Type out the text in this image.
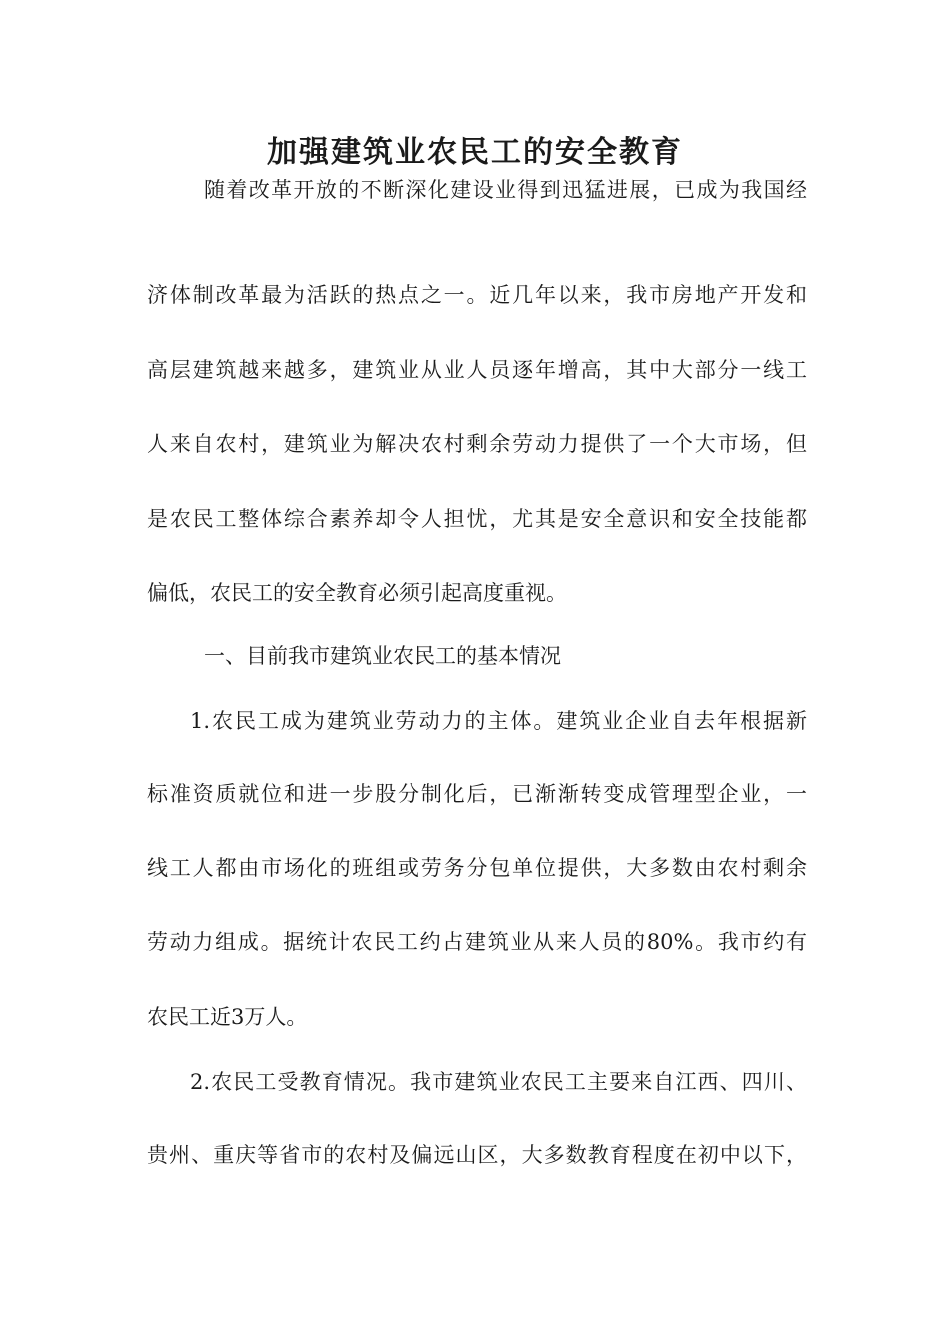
加强建筑业农民工的安全教育

随着改革开放的不断深化建设业得到迅猛进展，已成为我国经

济体制改革最为活跃的热点之一。近几年以来，我市房地产开发和

高层建筑越来越多，建筑业从业人员逐年增高，其中大部分一线工

人来自农村，建筑业为解决农村剩余劳动力提供了一个大市场，但

是农民工整体综合素养却令人担忧，尤其是安全意识和安全技能都

偏低，农民工的安全教育必须引起高度重视。

一、目前我市建筑业农民工的基本情况

1.农民工成为建筑业劳动力的主体。建筑业企业自去年根据新

标准资质就位和进一步股分制化后，已渐渐转变成管理型企业，一

线工人都由市场化的班组或劳务分包单位提供，大多数由农村剩余

劳动力组成。据统计农民工约占建筑业从来人员的80%。我市约有

农民工近3万人。

2.农民工受教育情况。我市建筑业农民工主要来自江西、四川、

贵州、重庆等省市的农村及偏远山区，大多数教育程度在初中以下，
